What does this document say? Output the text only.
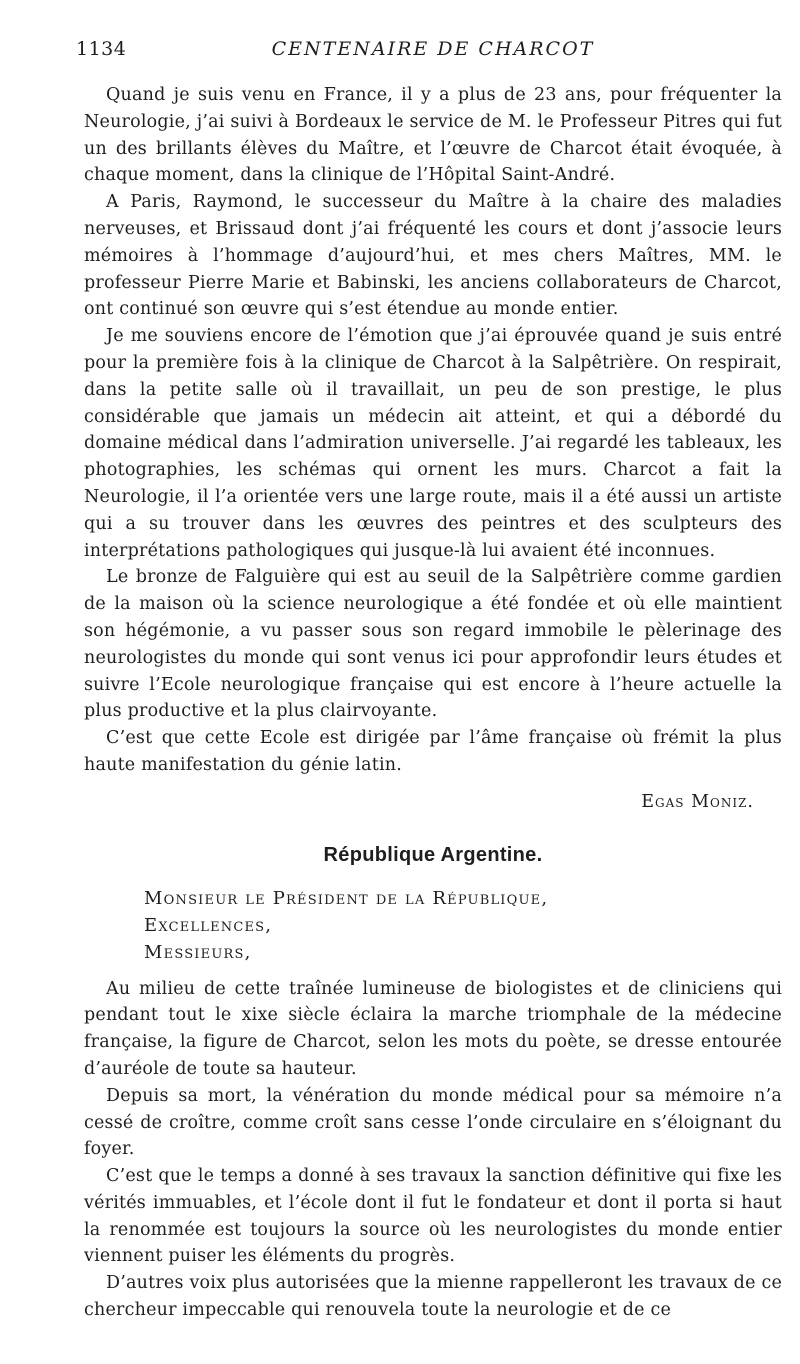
1134	CENTENAIRE DE CHARCOT

Quand je suis venu en France, il y a plus de 23 ans, pour fréquenter la Neurologie, j’ai suivi à Bordeaux le service de M. le Professeur Pitres qui fut un des brillants élèves du Maître, et l’œuvre de Charcot était évoquée, à chaque moment, dans la clinique de l’Hôpital Saint-André.

A Paris, Raymond, le successeur du Maître à la chaire des maladies nerveuses, et Brissaud dont j’ai fréquenté les cours et dont j’associe leurs mémoires à l’hommage d’aujourd’hui, et mes chers Maîtres, MM. le professeur Pierre Marie et Babinski, les anciens collaborateurs de Charcot, ont continué son œuvre qui s’est étendue au monde entier.

Je me souviens encore de l’émotion que j’ai éprouvée quand je suis entré pour la première fois à la clinique de Charcot à la Salpêtrière. On respirait, dans la petite salle où il travaillait, un peu de son prestige, le plus considérable que jamais un médecin ait atteint, et qui a débordé du domaine médical dans l’admiration universelle. J’ai regardé les tableaux, les photographies, les schémas qui ornent les murs. Charcot a fait la Neurologie, il l’a orientée vers une large route, mais il a été aussi un artiste qui a su trouver dans les œuvres des peintres et des sculpteurs des interprétations pathologiques qui jusque-là lui avaient été inconnues.

Le bronze de Falguière qui est au seuil de la Salpêtrière comme gardien de la maison où la science neurologique a été fondée et où elle maintient son hégémonie, a vu passer sous son regard immobile le pèlerinage des neurologistes du monde qui sont venus ici pour approfondir leurs études et suivre l’Ecole neurologique française qui est encore à l’heure actuelle la plus productive et la plus clairvoyante.

C’est que cette Ecole est dirigée par l’âme française où frémit la plus haute manifestation du génie latin.

Egas Moniz.
République Argentine.
Monsieur le Président de la République,
Excellences,
Messieurs,

Au milieu de cette traînée lumineuse de biologistes et de cliniciens qui pendant tout le xixe siècle éclaira la marche triomphale de la médecine française, la figure de Charcot, selon les mots du poète, se dresse entourée d’auréole de toute sa hauteur.

Depuis sa mort, la vénération du monde médical pour sa mémoire n’a cessé de croître, comme croît sans cesse l’onde circulaire en s’éloignant du foyer.

C’est que le temps a donné à ses travaux la sanction définitive qui fixe les vérités immuables, et l’école dont il fut le fondateur et dont il porta si haut la renommée est toujours la source où les neurologistes du monde entier viennent puiser les éléments du progrès.

D’autres voix plus autorisées que la mienne rappelleront les travaux de ce chercheur impeccable qui renouvela toute la neurologie et de ce
